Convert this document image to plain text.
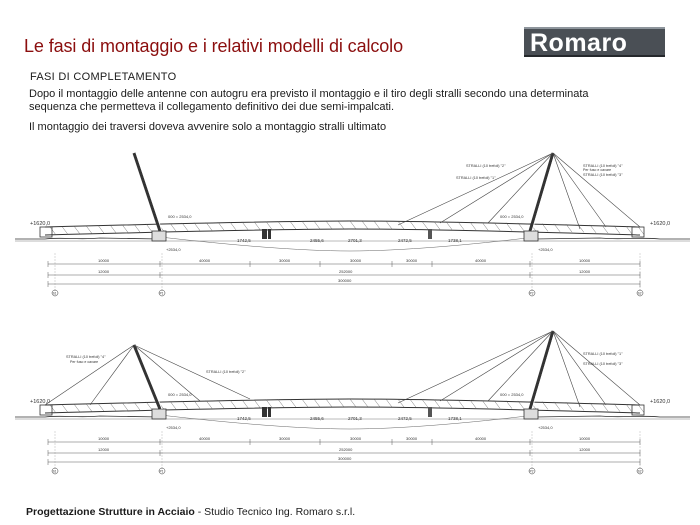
Le fasi di montaggio e i relativi modelli di calcolo	Romaro
FASI DI COMPLETAMENTO
Dopo il montaggio delle antenne con autogru era previsto il montaggio e il tiro degli stralli secondo una determinata
sequenza che permetteva il collegamento definitivo dei due semi-impalcati.
Il montaggio dei traversi doveva avvenire solo a montaggio stralli ultimato
+1620,0	+1620,0
000 = 2534,0	000 = 2534,0
STRALLI (10 trefoli) "2"
STRALLI (10 trefoli) "1"
STRALLI (10 trefoli) "4"
STRALLI (10 trefoli) "3"
Per fuso e cavare
1742,5	2455,6	2701,3	2472,5	1738,1
+2534,0	+2534,0
10000	40000	30000	30000	30000	40000	10000
12000	252000	12000
300000
S1	P1	P2	S2
+1620,0	+1620,0
000 = 2534,0	000 = 2534,0
STRALLI (10 trefoli) "4"
STRALLI (10 trefoli) "2"
STRALLI (10 trefoli) "1"
STRALLI (10 trefoli) "3"
Per fuso e cavare
1742,5	2455,6	2701,3	2472,5	1738,1
+2534,0	+2534,0
10000	40000	30000	30000	30000	40000	10000
12000	252000	12000
300000
S1	P1	P2	S2
Progettazione Strutture in Acciaio - Studio Tecnico Ing. Romaro s.r.l.
